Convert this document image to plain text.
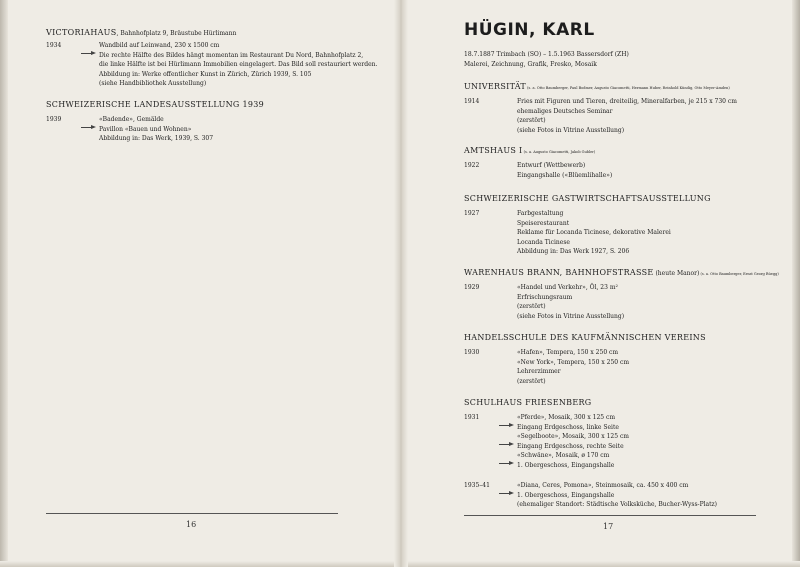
VICTORIAHAUS, Bahnhofplatz 9, Bräustube Hürlimann
1934	Wandbild auf Leinwand, 230 x 1500 cm
Die rechte Hälfte des Bildes hängt momentan im Restaurant Du Nord, Bahnhofplatz 2,
die linke Hälfte ist bei Hürlimann Immobilien eingelagert. Das Bild soll restauriert werden.
Abbildung in: Werke offentlicher Kunst in Zürich, Zürich 1939, S. 105
(siehe Handbibliothek Ausstellung)
SCHWEIZERISCHE LANDESAUSSTELLUNG 1939
1939	«Badende», Gemälde
Pavillon «Bauen und Wohnen»
Abbildung in: Das Werk, 1939, S. 307
16
HÜGIN, KARL
18.7.1887 Trimbach (SO) – 1.5.1963 Bassersdorf (ZH)
Malerei, Zeichnung, Grafik, Fresko, Mosaik
UNIVERSITÄT (s. a. Otto Baumberger, Paul Bodmer, Augusto Giacometti, Hermann Huber, Reinhold Kündig, Otto Meyer-Amden)
1914	Fries mit Figuren und Tieren, dreiteilig, Mineralfarben, je 215 x 730 cm
ehemaliges Deutsches Seminar
(zerstört)
(siehe Fotos in Vitrine Ausstellung)
AMTSHAUS I (s. a. Augusto Giacometti, Jakob Gubler)
1922	Entwurf (Wettbewerb)
Eingangshalle («Blüemlihalle»)
SCHWEIZERISCHE GASTWIRTSCHAFTSAUSSTELLUNG
1927	Farbgestaltung
Speiserestaurant
Reklame für Locanda Ticinese, dekorative Malerei
Locanda Ticinese
Abbildung in: Das Werk 1927, S. 206
WARENHAUS BRANN, BAHNHOFSTRASSE (heute Manor) (s. a. Otto Baumberger, Ernst Georg Rüegg)
1929	«Handel und Verkehr», Öl, 23 m²
Erfrischungsraum
(zerstört)
(siehe Fotos in Vitrine Ausstellung)
HANDELSSCHULE DES KAUFMÄNNISCHEN VEREINS
1930	«Hafen», Tempera, 150 x 250 cm
«New York», Tempera, 150 x 250 cm
Lehrerzimmer
(zerstört)
SCHULHAUS FRIESENBERG
1931	«Pferde», Mosaik, 300 x 125 cm
Eingang Erdgeschoss, linke Seite
«Segelboote», Mosaik, 300 x 125 cm
Eingang Erdgeschoss, rechte Seite
«Schwäne», Mosaik, ø 170 cm
1. Obergeschoss, Eingangshalle
1935–41	«Diana, Ceres, Pomona», Steinmosaik, ca. 450 x 400 cm
1. Obergeschoss, Eingangshalle
(ehemaliger Standort: Städtische Volksküche, Bucher-Wyss-Platz)
17
